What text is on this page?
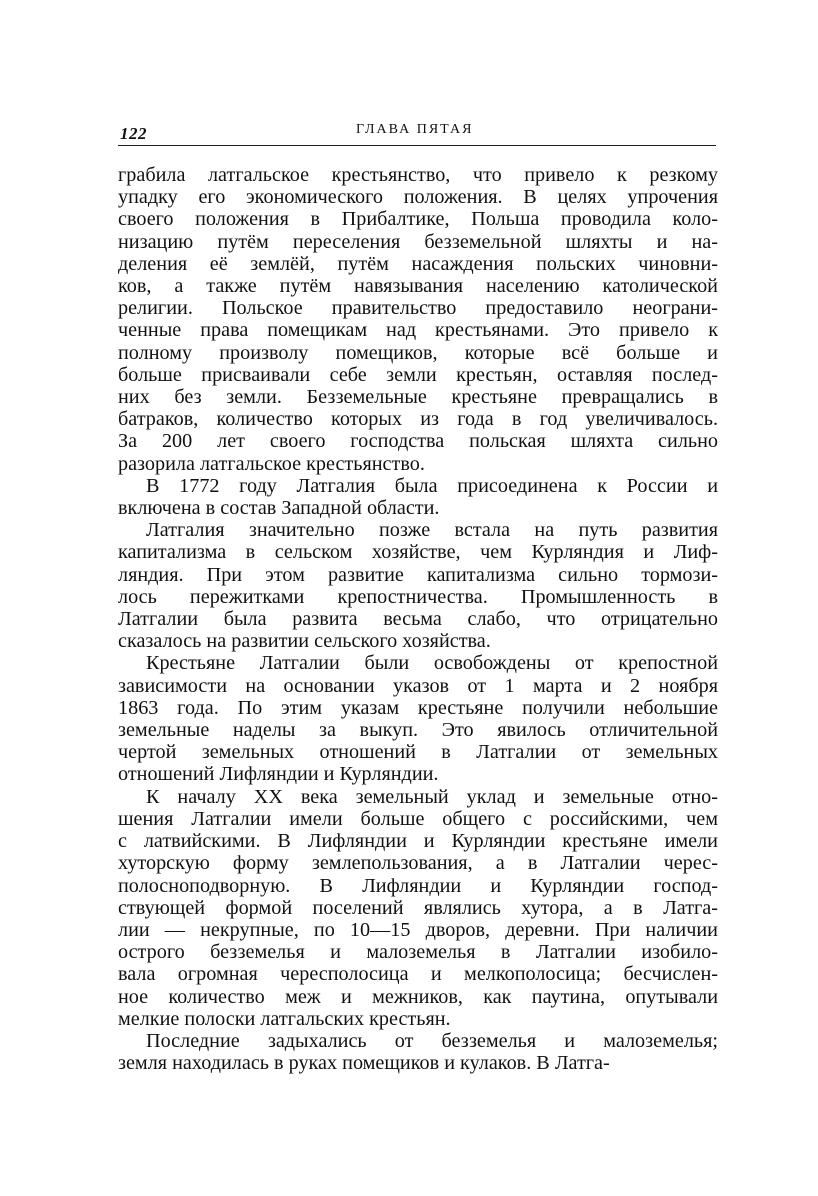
122	ГЛАВА ПЯТАЯ

грабила латгальское крестьянство, что привело к резкому
упадку его экономического положения. В целях упрочения
своего положения в Прибалтике, Польша проводила коло-
низацию путём переселения безземельной шляхты и на-
деления её землёй, путём насаждения польских чиновни-
ков, а также путём навязывания населению католической
религии. Польское правительство предоставило неограни-
ченные права помещикам над крестьянами. Это привело к
полному произволу помещиков, которые всё больше и
больше присваивали себе земли крестьян, оставляя послед-
них без земли. Безземельные крестьяне превращались в
батраков, количество которых из года в год увеличивалось.
За 200 лет своего господства польская шляхта сильно
разорила латгальское крестьянство.

В 1772 году Латгалия была присоединена к России и
включена в состав Западной области.

Латгалия значительно позже встала на путь развития
капитализма в сельском хозяйстве, чем Курляндия и Лиф-
ляндия. При этом развитие капитализма сильно тормози-
лось пережитками крепостничества. Промышленность в
Латгалии была развита весьма слабо, что отрицательно
сказалось на развитии сельского хозяйства.

Крестьяне Латгалии были освобождены от крепостной
зависимости на основании указов от 1 марта и 2 ноября
1863 года. По этим указам крестьяне получили небольшие
земельные наделы за выкуп. Это явилось отличительной
чертой земельных отношений в Латгалии от земельных
отношений Лифляндии и Курляндии.

К началу XX века земельный уклад и земельные отно-
шения Латгалии имели больше общего с российскими, чем
с латвийскими. В Лифляндии и Курляндии крестьяне имели
хуторскую форму землепользования, а в Латгалии черес-
полосноподворную. В Лифляндии и Курляндии господ-
ствующей формой поселений являлись хутора, а в Латга-
лии — некрупные, по 10—15 дворов, деревни. При наличии
острого безземелья и малоземелья в Латгалии изобило-
вала огромная чересполосица и мелкополосица; бесчислен-
ное количество меж и межников, как паутина, опутывали
мелкие полоски латгальских крестьян.

Последние задыхались от безземелья и малоземелья;
земля находилась в руках помещиков и кулаков. В Латга-
